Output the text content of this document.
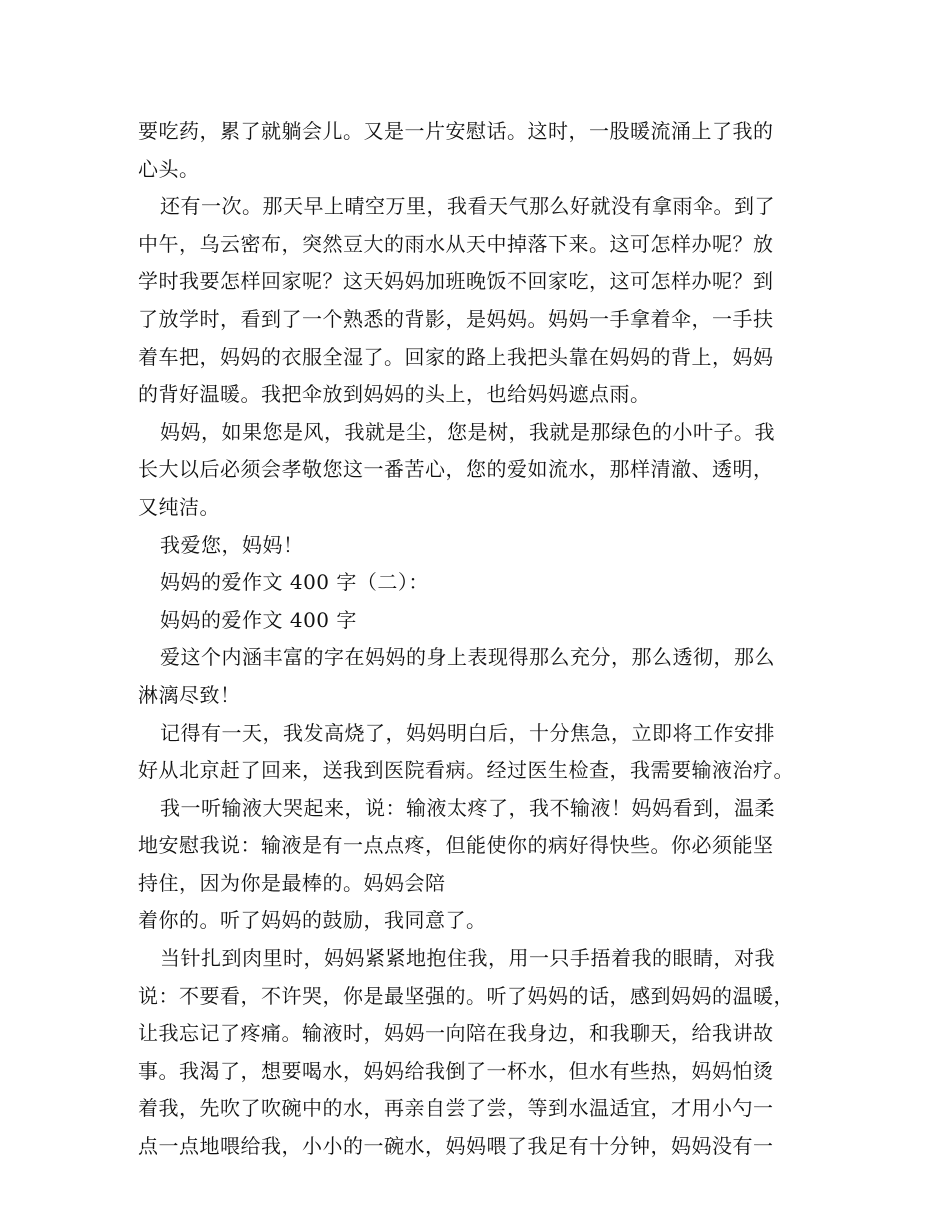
要吃药，累了就躺会儿。又是一片安慰话。这时，一股暖流涌上了我的
心头。
还有一次。那天早上晴空万里，我看天气那么好就没有拿雨伞。到了
中午，乌云密布，突然豆大的雨水从天中掉落下来。这可怎样办呢？放
学时我要怎样回家呢？这天妈妈加班晚饭不回家吃，这可怎样办呢？到
了放学时，看到了一个熟悉的背影，是妈妈。妈妈一手拿着伞，一手扶
着车把，妈妈的衣服全湿了。回家的路上我把头靠在妈妈的背上，妈妈
的背好温暖。我把伞放到妈妈的头上，也给妈妈遮点雨。
妈妈，如果您是风，我就是尘，您是树，我就是那绿色的小叶子。我
长大以后必须会孝敬您这一番苦心，您的爱如流水，那样清澈、透明，
又纯洁。
我爱您，妈妈！
妈妈的爱作文 400 字（二）：
妈妈的爱作文 400 字
爱这个内涵丰富的字在妈妈的身上表现得那么充分，那么透彻，那么
淋漓尽致！
记得有一天，我发高烧了，妈妈明白后，十分焦急，立即将工作安排
好从北京赶了回来，送我到医院看病。经过医生检查，我需要输液治疗。
我一听输液大哭起来，说：输液太疼了，我不输液！妈妈看到，温柔
地安慰我说：输液是有一点点疼，但能使你的病好得快些。你必须能坚
持住，因为你是最棒的。妈妈会陪
着你的。听了妈妈的鼓励，我同意了。
当针扎到肉里时，妈妈紧紧地抱住我，用一只手捂着我的眼睛，对我
说：不要看，不许哭，你是最坚强的。听了妈妈的话，感到妈妈的温暖，
让我忘记了疼痛。输液时，妈妈一向陪在我身边，和我聊天，给我讲故
事。我渴了，想要喝水，妈妈给我倒了一杯水，但水有些热，妈妈怕烫
着我，先吹了吹碗中的水，再亲自尝了尝，等到水温适宜，才用小勺一
点一点地喂给我，小小的一碗水，妈妈喂了我足有十分钟，妈妈没有一
